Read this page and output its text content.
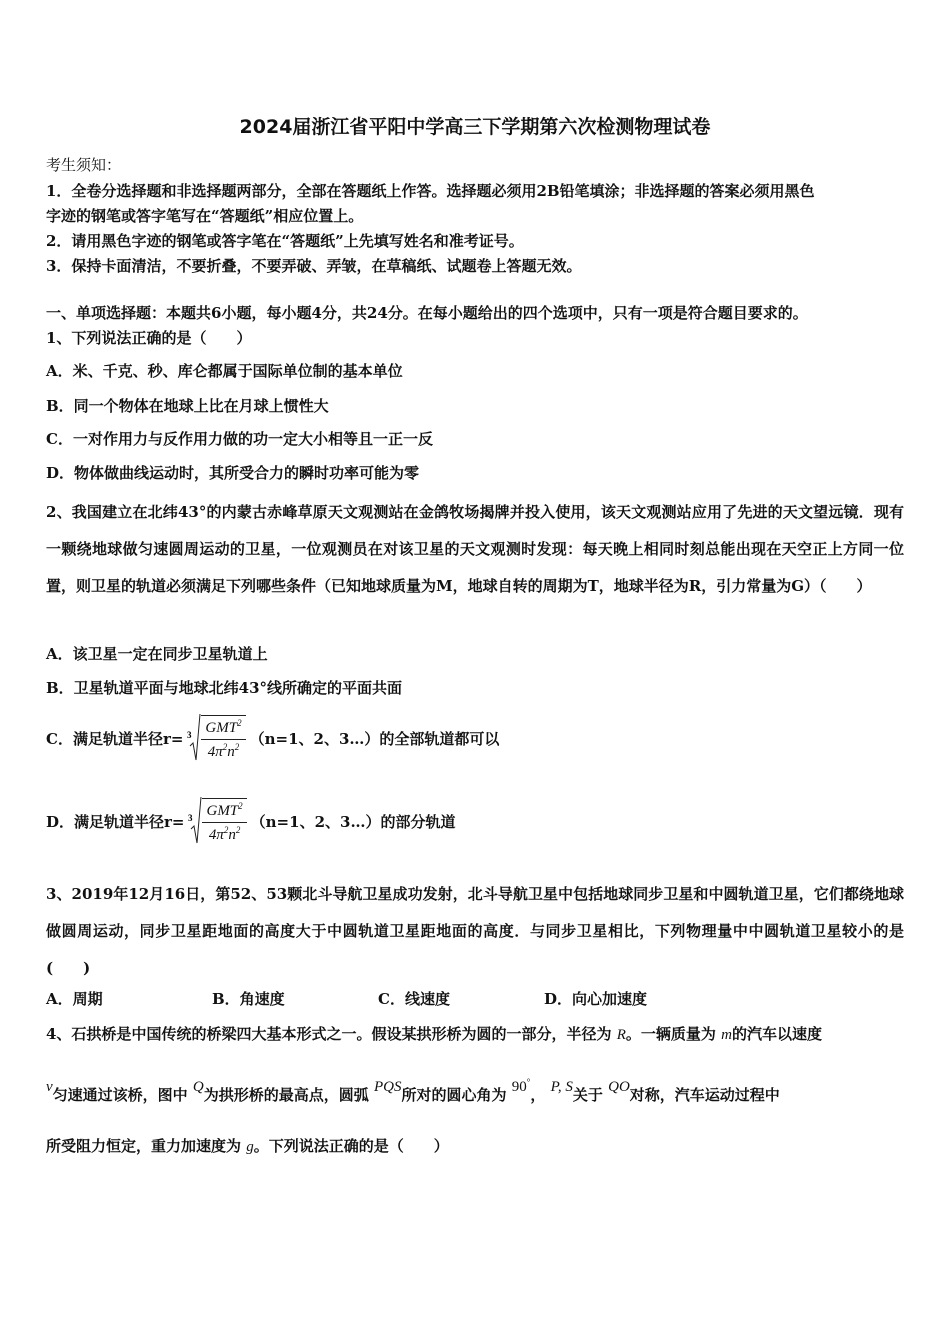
2024届浙江省平阳中学高三下学期第六次检测物理试卷
考生须知：
1．全卷分选择题和非选择题两部分，全部在答题纸上作答。选择题必须用2B铅笔填涂；非选择题的答案必须用黑色
字迹的钢笔或答字笔写在“答题纸”相应位置上。
2．请用黑色字迹的钢笔或答字笔在“答题纸”上先填写姓名和准考证号。
3．保持卡面清洁，不要折叠，不要弄破、弄皱，在草稿纸、试题卷上答题无效。
一、单项选择题：本题共6小题，每小题4分，共24分。在每小题给出的四个选项中，只有一项是符合题目要求的。
1、下列说法正确的是（　　）
A．米、千克、秒、库仑都属于国际单位制的基本单位
B．同一个物体在地球上比在月球上惯性大
C．一对作用力与反作用力做的功一定大小相等且一正一反
D．物体做曲线运动时，其所受合力的瞬时功率可能为零
2、我国建立在北纬43°的内蒙古赤峰草原天文观测站在金鸽牧场揭牌并投入使用，该天文观测站应用了先进的天文望远镜．现有一颗绕地球做匀速圆周运动的卫星，一位观测员在对该卫星的天文观测时发现：每天晚上相同时刻总能出现在天空正上方同一位置，则卫星的轨道必须满足下列哪些条件（已知地球质量为M，地球自转的周期为T，地球半径为R，引力常量为G）（　　）
A．该卫星一定在同步卫星轨道上
B．卫星轨道平面与地球北纬43°线所确定的平面共面
C．满足轨道半径$r= 3 \frac{GMT^2}{4\pi^2n^2} (n=1$、2、3…）的全部轨道都可以
D．满足轨道半径$r= 3 \frac{GMT^2}{4\pi^2n^2} (n=1$、2、3…）的部分轨道
3、2019年12月16日，第52、53颗北斗导航卫星成功发射，北斗导航卫星中包括地球同步卫星和中圆轨道卫星，它们都绕地球做圆周运动，同步卫星距地面的高度大于中圆轨道卫星距地面的高度．与同步卫星相比，下列物理量中中圆轨道卫星较小的是(　　)
A．周期	B．角速度	C．线速度	D．向心加速度
4、石拱桥是中国传统的桥梁四大基本形式之一。假设某拱形桥为圆的一部分，半径为 R。一辆质量为 m的汽车以速度
v匀速通过该桥，图中 Q为拱形桥的最高点，圆弧 PQS所对的圆心角为 90°， P, S关于 QO对称，汽车运动过程中
所受阻力恒定，重力加速度为 g。下列说法正确的是（　　）
